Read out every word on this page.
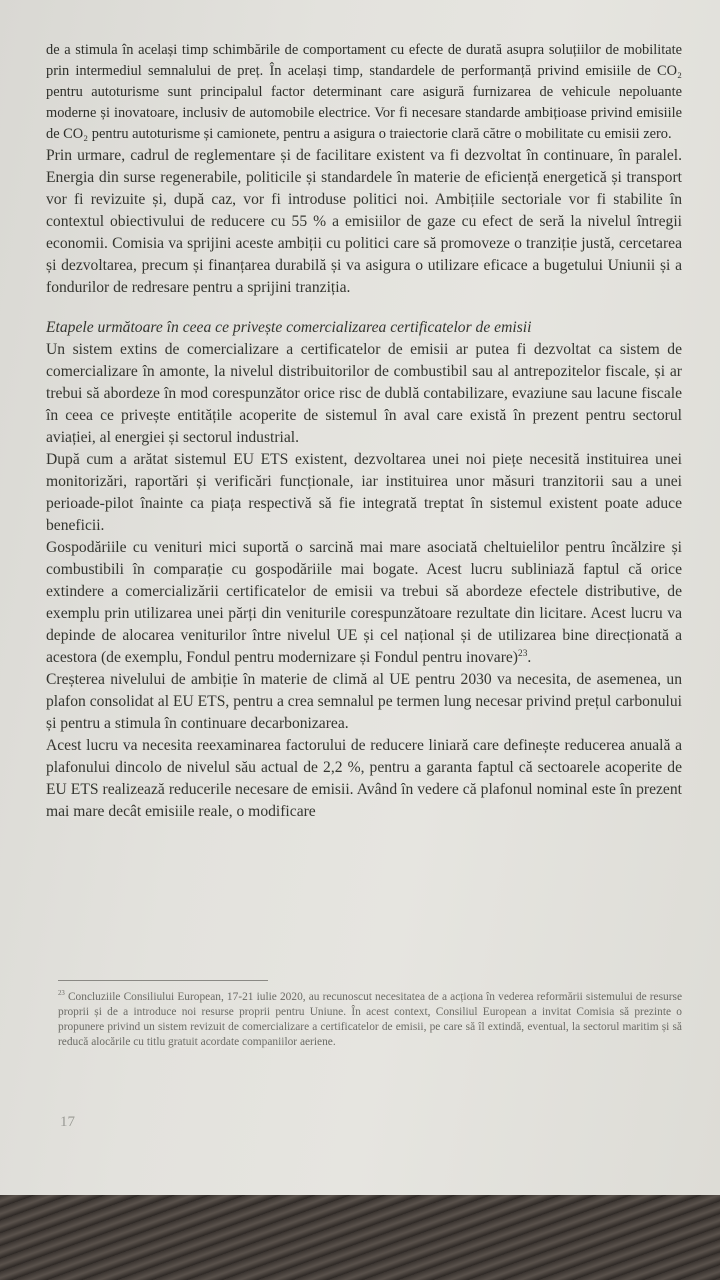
de a stimula în același timp schimbările de comportament cu efecte de durată asupra soluțiilor de mobilitate prin intermediul semnalului de preț. În același timp, standardele de performanță privind emisiile de CO₂ pentru autoturisme sunt principalul factor determinant care asigură furnizarea de vehicule nepoluante moderne și inovatoare, inclusiv de automobile electrice. Vor fi necesare standarde ambițioase privind emisiile de CO₂ pentru autoturisme și camionete, pentru a asigura o traiectorie clară către o mobilitate cu emisii zero.

Prin urmare, cadrul de reglementare și de facilitare existent va fi dezvoltat în continuare, în paralel. Energia din surse regenerabile, politicile și standardele în materie de eficiență energetică și transport vor fi revizuite și, după caz, vor fi introduse politici noi. Ambițiile sectoriale vor fi stabilite în contextul obiectivului de reducere cu 55 % a emisiilor de gaze cu efect de seră la nivelul întregii economii. Comisia va sprijini aceste ambiții cu politici care să promoveze o tranziție justă, cercetarea și dezvoltarea, precum și finanțarea durabilă și va asigura o utilizare eficace a bugetului Uniunii și a fondurilor de redresare pentru a sprijini tranziția.

Etapele următoare în ceea ce privește comercializarea certificatelor de emisii

Un sistem extins de comercializare a certificatelor de emisii ar putea fi dezvoltat ca sistem de comercializare în amonte, la nivelul distribuitorilor de combustibil sau al antrepozitelor fiscale, și ar trebui să abordeze în mod corespunzător orice risc de dublă contabilizare, evaziune sau lacune fiscale în ceea ce privește entitățile acoperite de sistemul în aval care există în prezent pentru sectorul aviației, al energiei și sectorul industrial.

După cum a arătat sistemul EU ETS existent, dezvoltarea unei noi piețe necesită instituirea unei monitorizări, raportări și verificări funcționale, iar instituirea unor măsuri tranzitorii sau a unei perioade-pilot înainte ca piața respectivă să fie integrată treptat în sistemul existent poate aduce beneficii.

Gospodăriile cu venituri mici suportă o sarcină mai mare asociată cheltuielilor pentru încălzire și combustibili în comparație cu gospodăriile mai bogate. Acest lucru subliniază faptul că orice extindere a comercializării certificatelor de emisii va trebui să abordeze efectele distributive, de exemplu prin utilizarea unei părți din veniturile corespunzătoare rezultate din licitare. Acest lucru va depinde de alocarea veniturilor între nivelul UE și cel național și de utilizarea bine direcționată a acestora (de exemplu, Fondul pentru modernizare și Fondul pentru inovare)$^{23}$.

Creșterea nivelului de ambiție în materie de climă al UE pentru 2030 va necesita, de asemenea, un plafon consolidat al EU ETS, pentru a crea semnalul pe termen lung necesar privind prețul carbonului și pentru a stimula în continuare decarbonizarea.

Acest lucru va necesita reexaminarea factorului de reducere liniară care definește reducerea anuală a plafonului dincolo de nivelul său actual de 2,2 %, pentru a garanta faptul că sectoarele acoperite de EU ETS realizează reducerile necesare de emisii. Având în vedere că plafonul nominal este în prezent mai mare decât emisiile reale, o modificare

$^{23}$ Concluziile Consiliului European, 17-21 iulie 2020, au recunoscut necesitatea de a acționa în vederea reformării sistemului de resurse proprii și de a introduce noi resurse proprii pentru Uniune. În acest context, Consiliul European a invitat Comisia să prezinte o propunere privind un sistem revizuit de comercializare a certificatelor de emisii, pe care să îl extindă, eventual, la sectorul maritim și să reducă alocările cu titlu gratuit acordate companiilor aeriene.
17
